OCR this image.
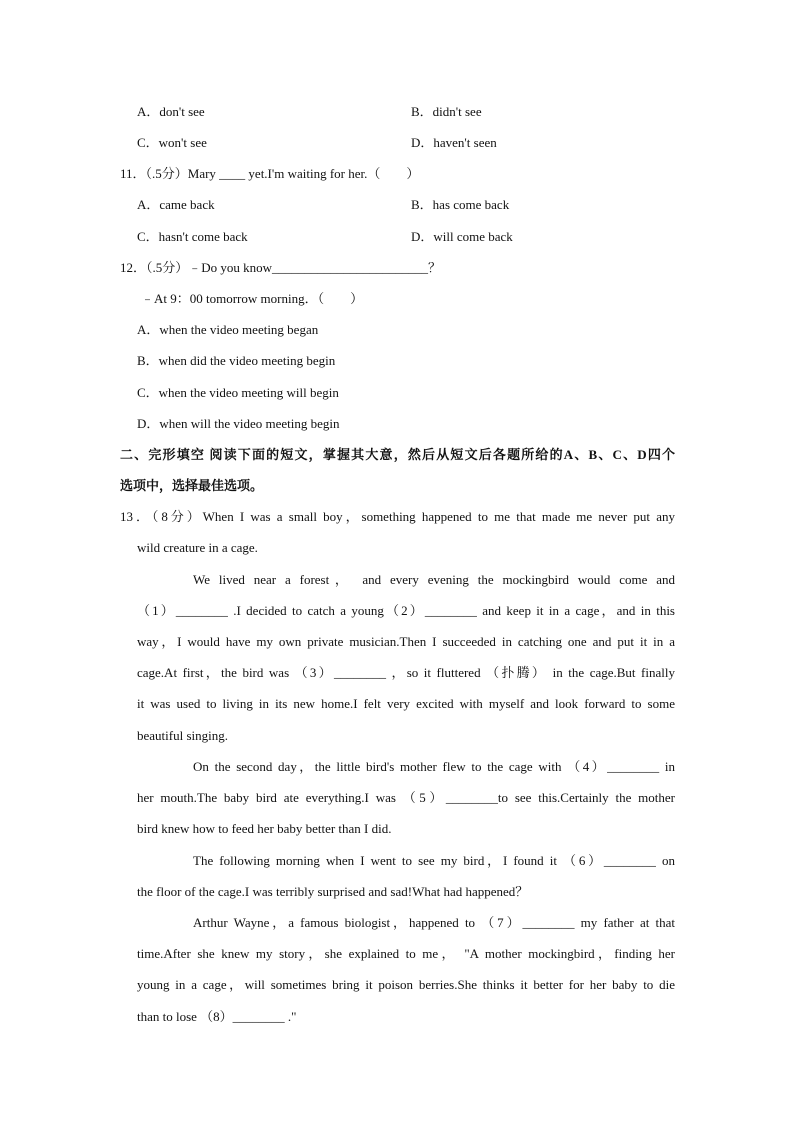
A．don't see	B．didn't see
C．won't see	D．haven't seen
11．（.5分）Mary ____ yet.I'm waiting for her.（　　）
A．came back	B．has come back
C．hasn't come back	D．will come back
12．（.5分）﹣Do you know________________________？
﹣At 9：00 tomorrow morning．（　　）
A．when the video meeting began
B．when did the video meeting begin
C．when the video meeting will begin
D．when will the video meeting begin
二、完形填空 阅读下面的短文，掌握其大意，然后从短文后各题所给的A、B、C、D四个
选项中，选择最佳选项。
13．（8分）When I was a small boy，something happened to me that made me never put any
wild creature in a cage.
We lived near a forest， and every evening the mockingbird would come and
（1）________ .I decided to catch a young（2）________ and keep it in a cage，and in this
way，I would have my own private musician.Then I succeeded in catching one and put it in a
cage.At first，the bird was （3）________ ，so it fluttered （扑腾） in the cage.But finally
it was used to living in its new home.I felt very excited with myself and look forward to some
beautiful singing.
On the second day，the little bird's mother flew to the cage with （4）________ in
her mouth.The baby bird ate everything.I was （5）________to see this.Certainly the mother
bird knew how to feed her baby better than I did.
The following morning when I went to see my bird，I found it （6）________ on
the floor of the cage.I was terribly surprised and sad!What had happened？
Arthur Wayne，a famous biologist，happened to （7）________ my father at that
time.After she knew my story，she explained to me， "A mother mockingbird，finding her
young in a cage，will sometimes bring it poison berries.She thinks it better for her baby to die
than to lose （8）________ ."
